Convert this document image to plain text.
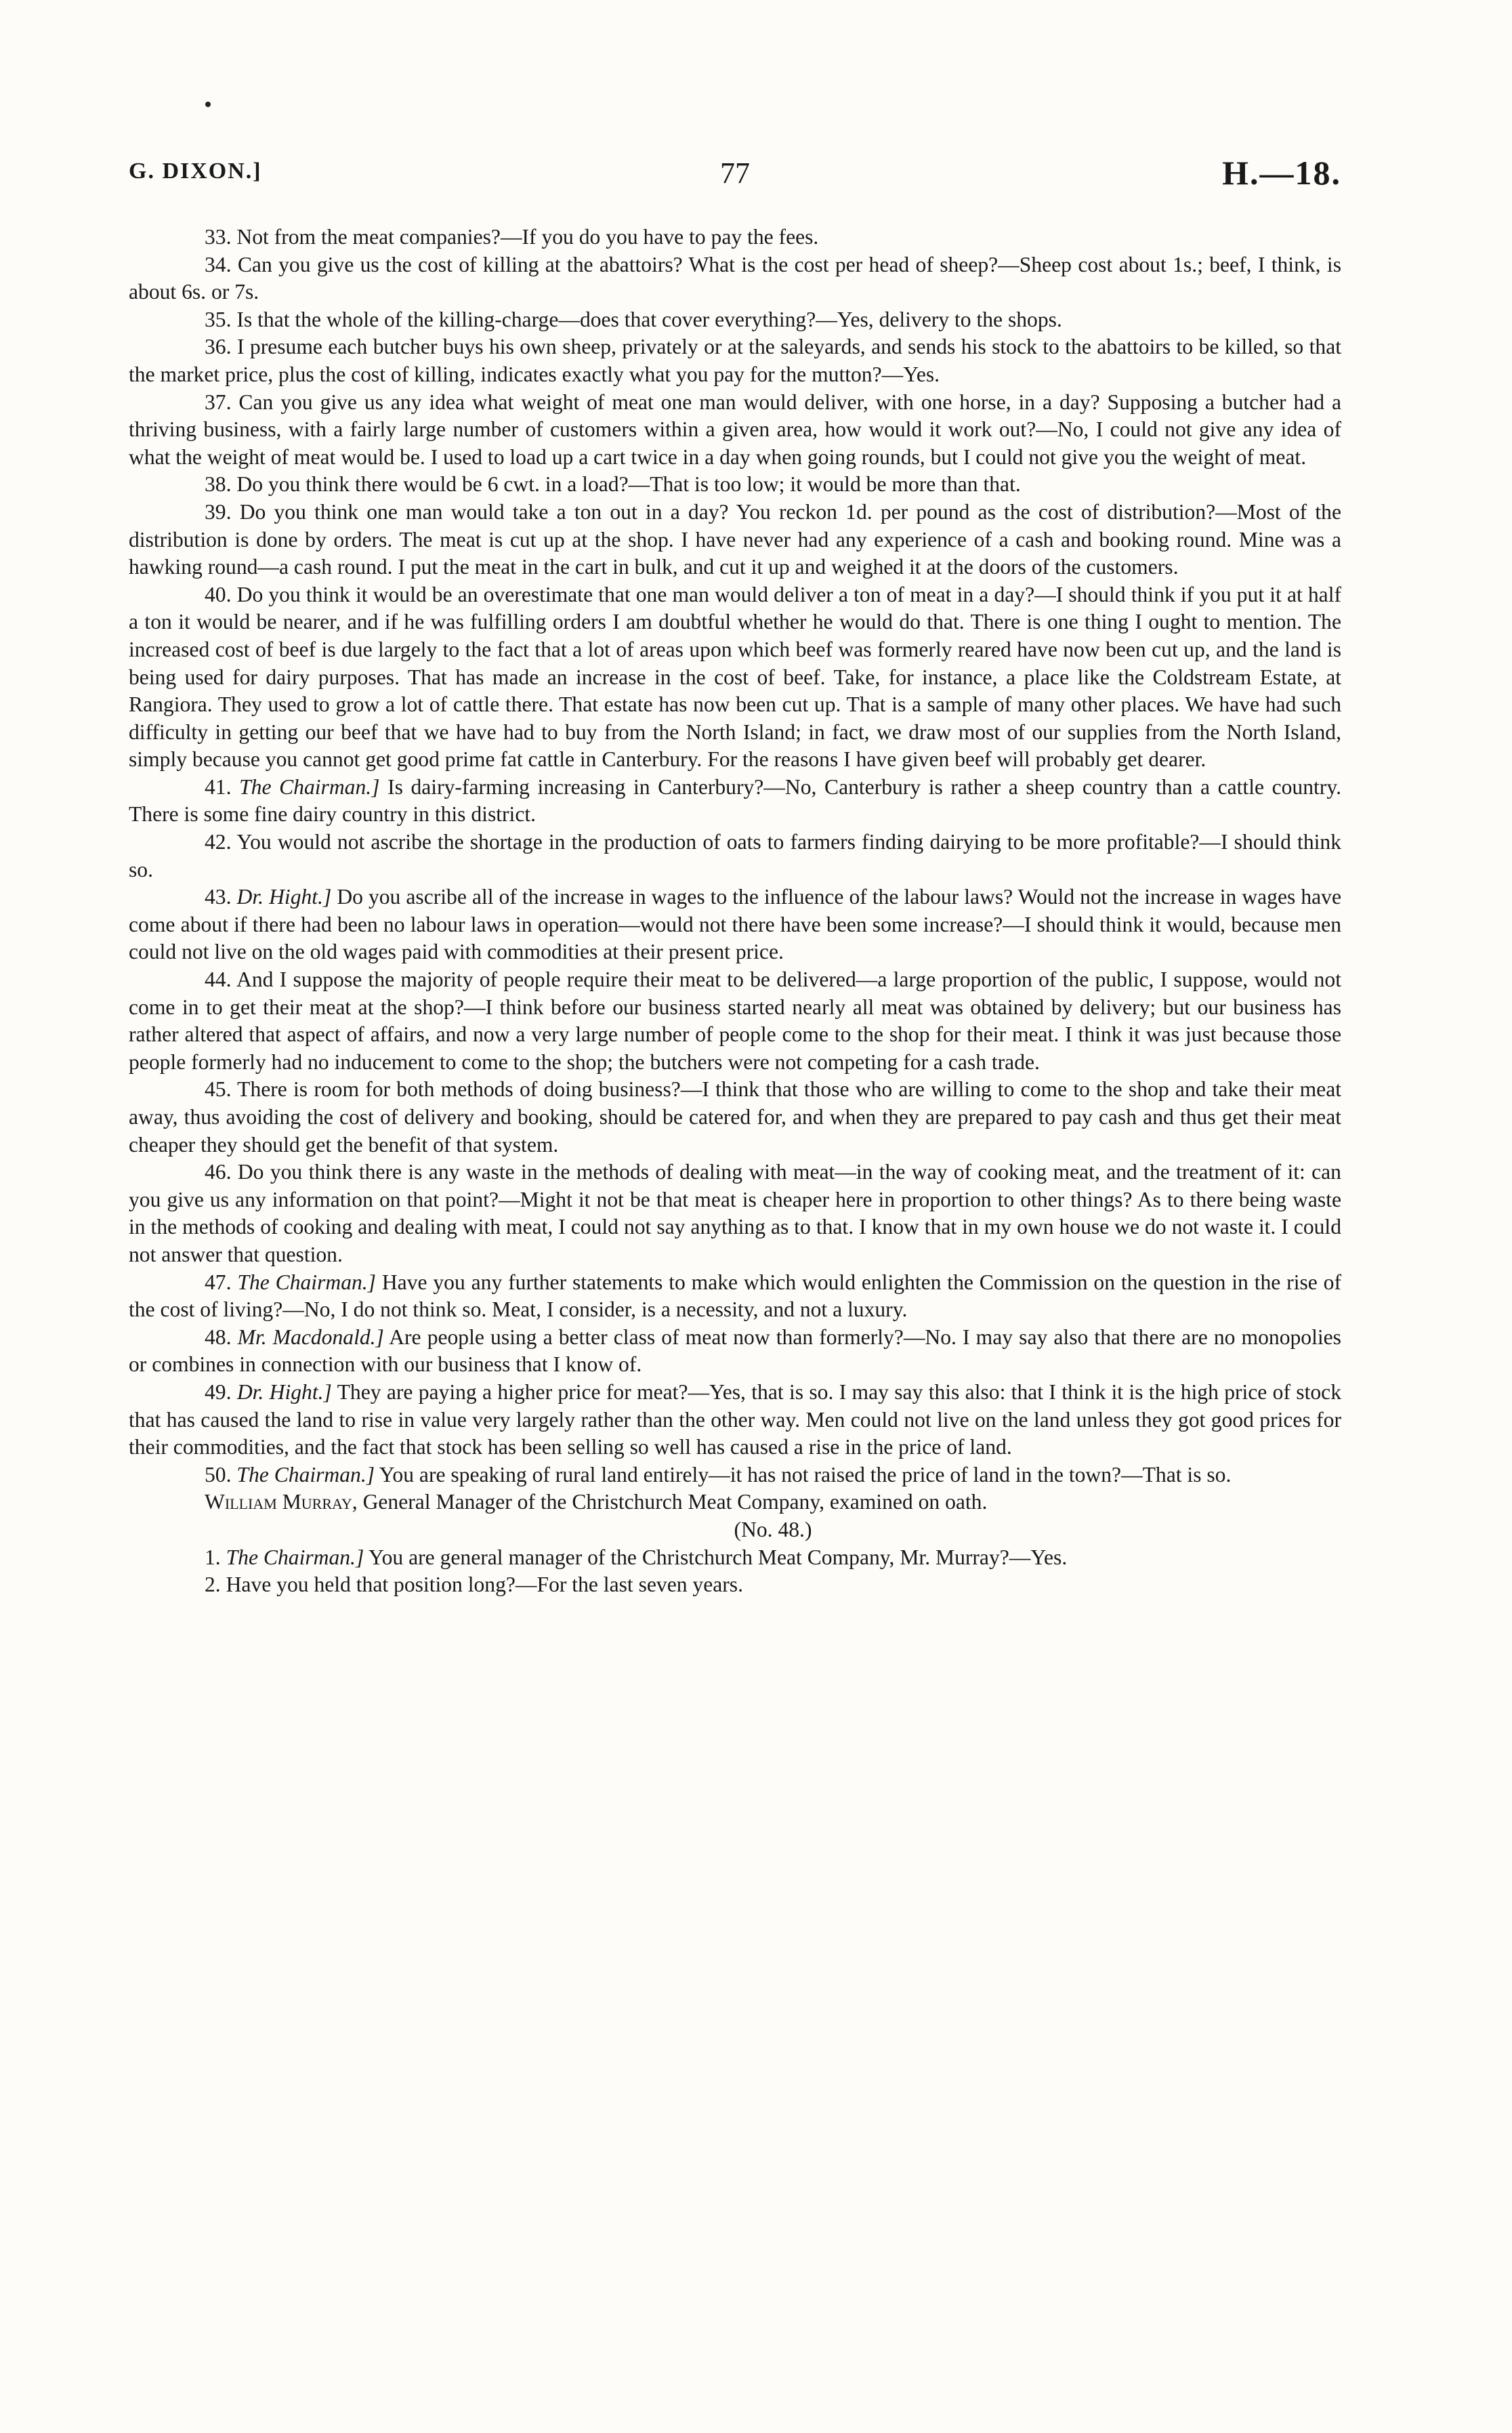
G. DIXON.]	77	H.—18.

33. Not from the meat companies?—If you do you have to pay the fees.

34. Can you give us the cost of killing at the abattoirs? What is the cost per head of sheep?—Sheep cost about 1s.; beef, I think, is about 6s. or 7s.

35. Is that the whole of the killing-charge—does that cover everything?—Yes, delivery to the shops.

36. I presume each butcher buys his own sheep, privately or at the saleyards, and sends his stock to the abattoirs to be killed, so that the market price, plus the cost of killing, indicates exactly what you pay for the mutton?—Yes.

37. Can you give us any idea what weight of meat one man would deliver, with one horse, in a day? Supposing a butcher had a thriving business, with a fairly large number of customers within a given area, how would it work out?—No, I could not give any idea of what the weight of meat would be. I used to load up a cart twice in a day when going rounds, but I could not give you the weight of meat.

38. Do you think there would be 6 cwt. in a load?—That is too low; it would be more than that.

39. Do you think one man would take a ton out in a day? You reckon 1d. per pound as the cost of distribution?—Most of the distribution is done by orders. The meat is cut up at the shop. I have never had any experience of a cash and booking round. Mine was a hawking round—a cash round. I put the meat in the cart in bulk, and cut it up and weighed it at the doors of the customers.

40. Do you think it would be an overestimate that one man would deliver a ton of meat in a day?—I should think if you put it at half a ton it would be nearer, and if he was fulfilling orders I am doubtful whether he would do that. There is one thing I ought to mention. The increased cost of beef is due largely to the fact that a lot of areas upon which beef was formerly reared have now been cut up, and the land is being used for dairy purposes. That has made an increase in the cost of beef. Take, for instance, a place like the Coldstream Estate, at Rangiora. They used to grow a lot of cattle there. That estate has now been cut up. That is a sample of many other places. We have had such difficulty in getting our beef that we have had to buy from the North Island; in fact, we draw most of our supplies from the North Island, simply because you cannot get good prime fat cattle in Canterbury. For the reasons I have given beef will probably get dearer.

41. The Chairman.] Is dairy-farming increasing in Canterbury?—No, Canterbury is rather a sheep country than a cattle country. There is some fine dairy country in this district.

42. You would not ascribe the shortage in the production of oats to farmers finding dairying to be more profitable?—I should think so.

43. Dr. Hight.] Do you ascribe all of the increase in wages to the influence of the labour laws? Would not the increase in wages have come about if there had been no labour laws in operation—would not there have been some increase?—I should think it would, because men could not live on the old wages paid with commodities at their present price.

44. And I suppose the majority of people require their meat to be delivered—a large proportion of the public, I suppose, would not come in to get their meat at the shop?—I think before our business started nearly all meat was obtained by delivery; but our business has rather altered that aspect of affairs, and now a very large number of people come to the shop for their meat. I think it was just because those people formerly had no inducement to come to the shop; the butchers were not competing for a cash trade.

45. There is room for both methods of doing business?—I think that those who are willing to come to the shop and take their meat away, thus avoiding the cost of delivery and booking, should be catered for, and when they are prepared to pay cash and thus get their meat cheaper they should get the benefit of that system.

46. Do you think there is any waste in the methods of dealing with meat—in the way of cooking meat, and the treatment of it: can you give us any information on that point?—Might it not be that meat is cheaper here in proportion to other things? As to there being waste in the methods of cooking and dealing with meat, I could not say anything as to that. I know that in my own house we do not waste it. I could not answer that question.

47. The Chairman.] Have you any further statements to make which would enlighten the Commission on the question in the rise of the cost of living?—No, I do not think so. Meat, I consider, is a necessity, and not a luxury.

48. Mr. Macdonald.] Are people using a better class of meat now than formerly?—No. I may say also that there are no monopolies or combines in connection with our business that I know of.

49. Dr. Hight.] They are paying a higher price for meat?—Yes, that is so. I may say this also: that I think it is the high price of stock that has caused the land to rise in value very largely rather than the other way. Men could not live on the land unless they got good prices for their commodities, and the fact that stock has been selling so well has caused a rise in the price of land.

50. The Chairman.] You are speaking of rural land entirely—it has not raised the price of land in the town?—That is so.

William Murray, General Manager of the Christchurch Meat Company, examined on oath.

(No. 48.)

1. The Chairman.] You are general manager of the Christchurch Meat Company, Mr. Murray?—Yes.

2. Have you held that position long?—For the last seven years.
